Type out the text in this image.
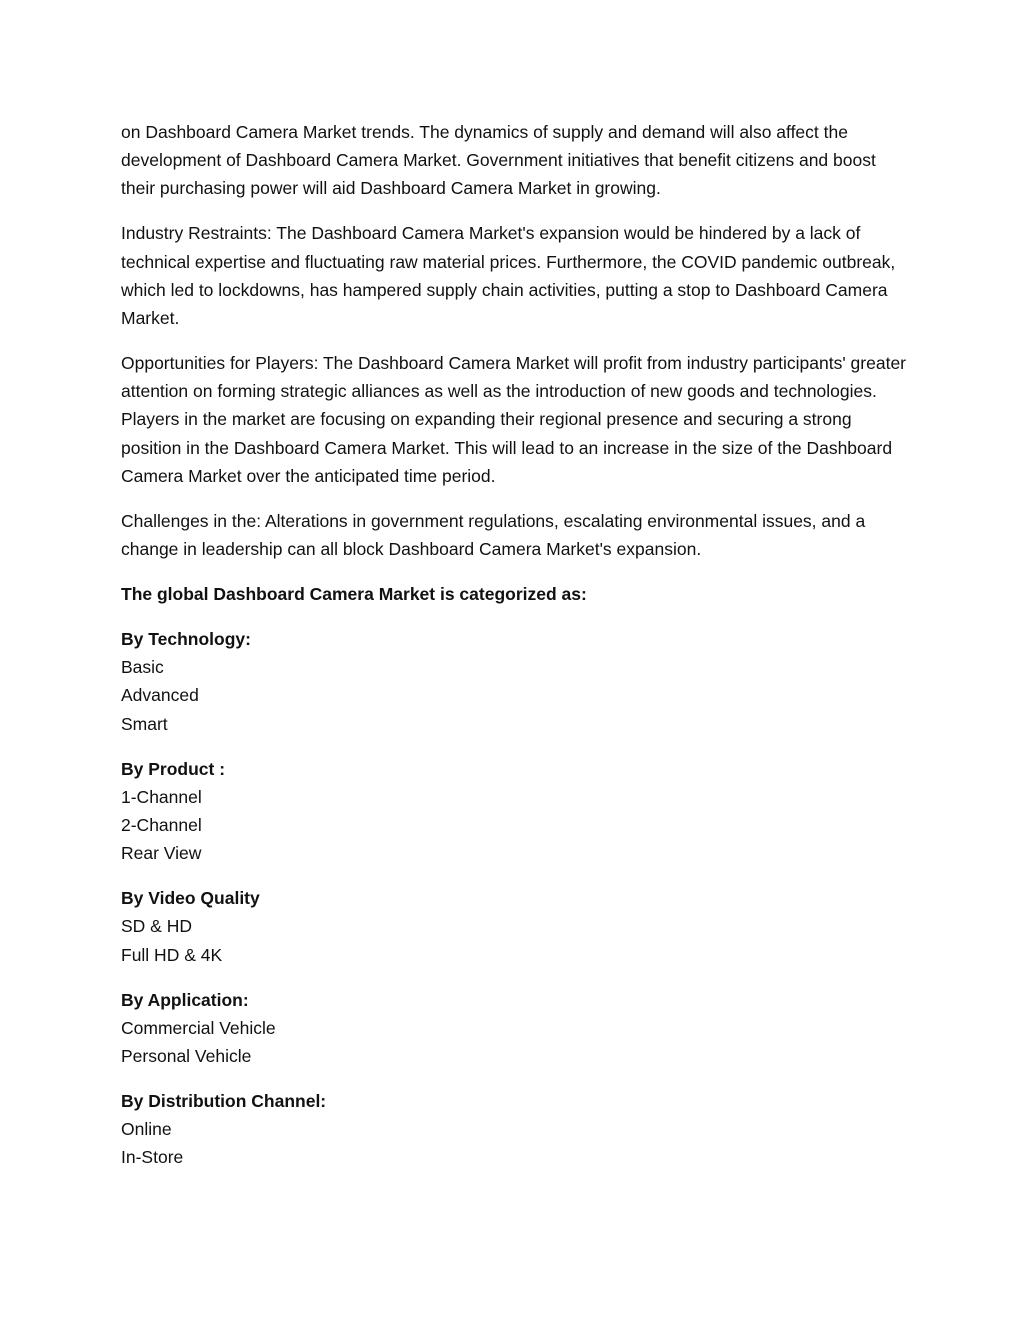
on Dashboard Camera Market trends. The dynamics of supply and demand will also affect the development of Dashboard Camera Market. Government initiatives that benefit citizens and boost their purchasing power will aid Dashboard Camera Market in growing.

Industry Restraints: The Dashboard Camera Market's expansion would be hindered by a lack of technical expertise and fluctuating raw material prices. Furthermore, the COVID pandemic outbreak, which led to lockdowns, has hampered supply chain activities, putting a stop to Dashboard Camera Market.

Opportunities for Players: The Dashboard Camera Market will profit from industry participants' greater attention on forming strategic alliances as well as the introduction of new goods and technologies. Players in the market are focusing on expanding their regional presence and securing a strong position in the Dashboard Camera Market. This will lead to an increase in the size of the Dashboard Camera Market over the anticipated time period.

Challenges in the: Alterations in government regulations, escalating environmental issues, and a change in leadership can all block Dashboard Camera Market's expansion.

The global Dashboard Camera Market is categorized as:

By Technology:
Basic
Advanced
Smart
By Product :
1-Channel
2-Channel
Rear View
By Video Quality
SD & HD
Full HD & 4K
By Application:
Commercial Vehicle
Personal Vehicle
By Distribution Channel:
Online
In-Store
